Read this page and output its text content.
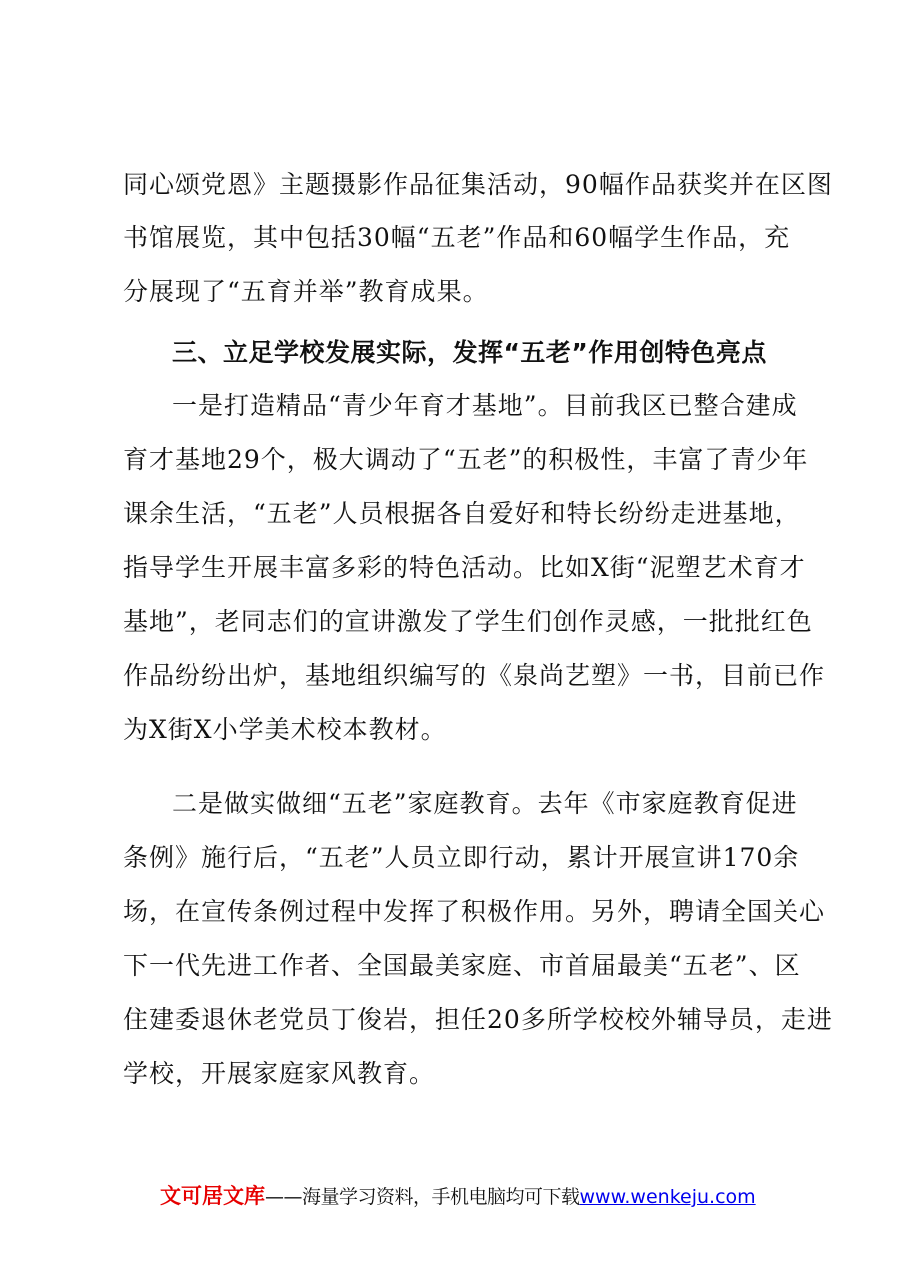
同心颂党恩》主题摄影作品征集活动，90幅作品获奖并在区图
书馆展览，其中包括30幅“五老”作品和60幅学生作品，充
分展现了“五育并举”教育成果。
三、立足学校发展实际，发挥“五老”作用创特色亮点
一是打造精品“青少年育才基地”。目前我区已整合建成
育才基地29个，极大调动了“五老”的积极性，丰富了青少年
课余生活，“五老”人员根据各自爱好和特长纷纷走进基地，
指导学生开展丰富多彩的特色活动。比如X街“泥塑艺术育才
基地”，老同志们的宣讲激发了学生们创作灵感，一批批红色
作品纷纷出炉，基地组织编写的《泉尚艺塑》一书，目前已作
为X街X小学美术校本教材。
二是做实做细“五老”家庭教育。去年《市家庭教育促进
条例》施行后，“五老”人员立即行动，累计开展宣讲170余
场，在宣传条例过程中发挥了积极作用。另外，聘请全国关心
下一代先进工作者、全国最美家庭、市首届最美“五老”、区
住建委退休老党员丁俊岩，担任20多所学校校外辅导员，走进
学校，开展家庭家风教育。
文可居文库——海量学习资料，手机电脑均可下载www.wenkeju.com
